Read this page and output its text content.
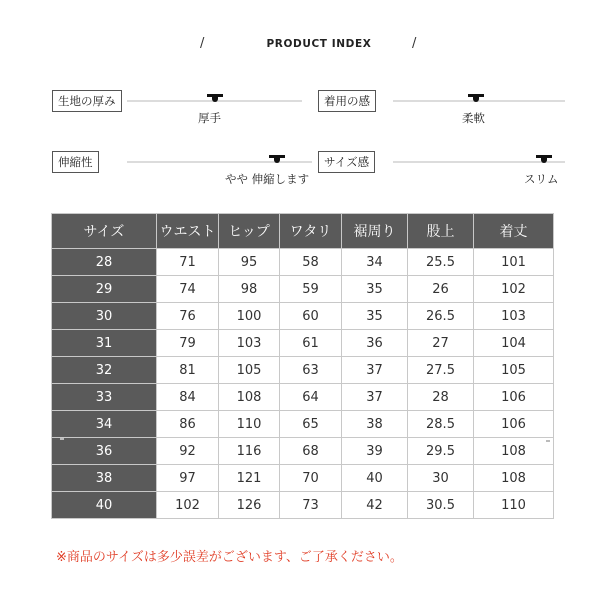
/	PRODUCT INDEX	/
生地の厚み
厚手
着用の感
柔軟
伸縮性
やや 伸縮します
サイズ感
スリム
サイズ	ウエスト	ヒップ	ワタリ	裾周り	股上	着丈
28	71	95	58	34	25.5	101
29	74	98	59	35	26	102
30	76	100	60	35	26.5	103
31	79	103	61	36	27	104
32	81	105	63	37	27.5	105
33	84	108	64	37	28	106
34	86	110	65	38	28.5	106
36	92	116	68	39	29.5	108
38	97	121	70	40	30	108
40	102	126	73	42	30.5	110
※商品のサイズは多少誤差がございます、ご了承ください。
